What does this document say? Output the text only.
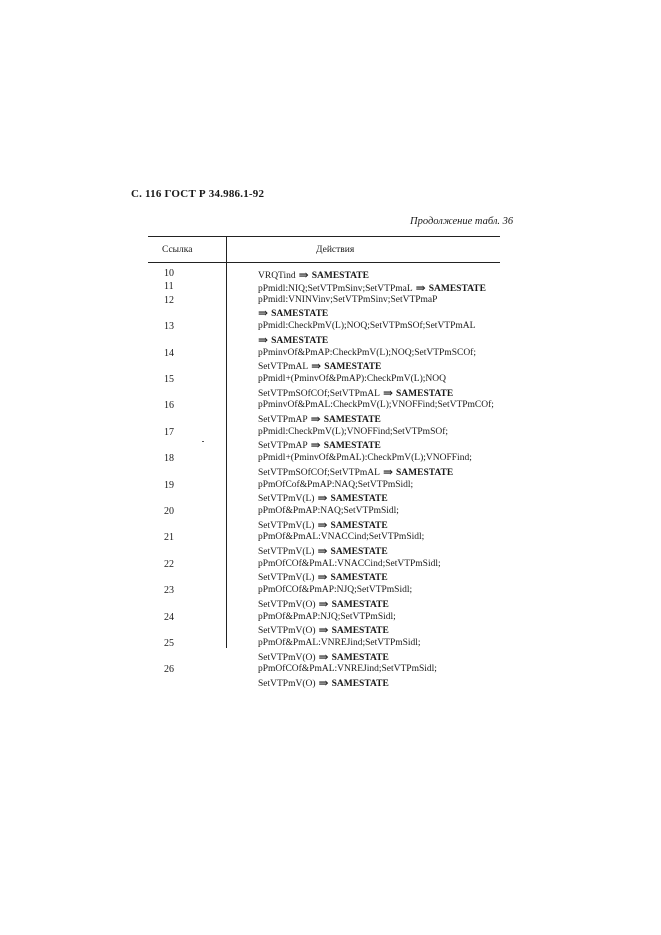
С. 116 ГОСТ Р 34.986.1-92
Продолжение табл. 36
Ссылка	Действия
10	VRQTind ⇒ SAMESTATE
11	pPmidl:NIQ;SetVTPmSinv;SetVTPmaL ⇒ SAMESTATE
12	pPmidl:VNINVinv;SetVTPmSinv;SetVTPmaP
⇒ SAMESTATE
13	pPmidl:CheckPmV(L);NOQ;SetVTPmSOf;SetVTPmAL
⇒ SAMESTATE
14	pPminvOf&PmAP:CheckPmV(L);NOQ;SetVTPmSCOf;
SetVTPmAL ⇒ SAMESTATE
15	pPmidl+(PminvOf&PmAP):CheckPmV(L);NOQ
SetVTPmSOfCOf;SetVTPmAL ⇒ SAMESTATE
16	pPminvOf&PmAL:CheckPmV(L);VNOFFind;SetVTPmCOf;
SetVTPmAP ⇒ SAMESTATE
17	pPmidl:CheckPmV(L);VNOFFind;SetVTPmSOf;
SetVTPmAP ⇒ SAMESTATE
18	pPmidl+(PminvOf&PmAL):CheckPmV(L);VNOFFind;
SetVTPmSOfCOf;SetVTPmAL ⇒ SAMESTATE
19	pPmOfCof&PmAP:NAQ;SetVTPmSidl;
SetVTPmV(L) ⇒ SAMESTATE
20	pPmOf&PmAP:NAQ;SetVTPmSidl;
SetVTPmV(L) ⇒ SAMESTATE
21	pPmOf&PmAL:VNACCind;SetVTPmSidl;
SetVTPmV(L) ⇒ SAMESTATE
22	pPmOfCOf&PmAL:VNACCind;SetVTPmSidl;
SetVTPmV(L) ⇒ SAMESTATE
23	pPmOfCOf&PmAP:NJQ;SetVTPmSidl;
SetVTPmV(O) ⇒ SAMESTATE
24	pPmOf&PmAP:NJQ;SetVTPmSidl;
SetVTPmV(O) ⇒ SAMESTATE
25	pPmOf&PmAL:VNREJind;SetVTPmSidl;
SetVTPmV(O) ⇒ SAMESTATE
26	pPmOfCOf&PmAL:VNREJind;SetVTPmSidl;
SetVTPmV(O) ⇒ SAMESTATE
